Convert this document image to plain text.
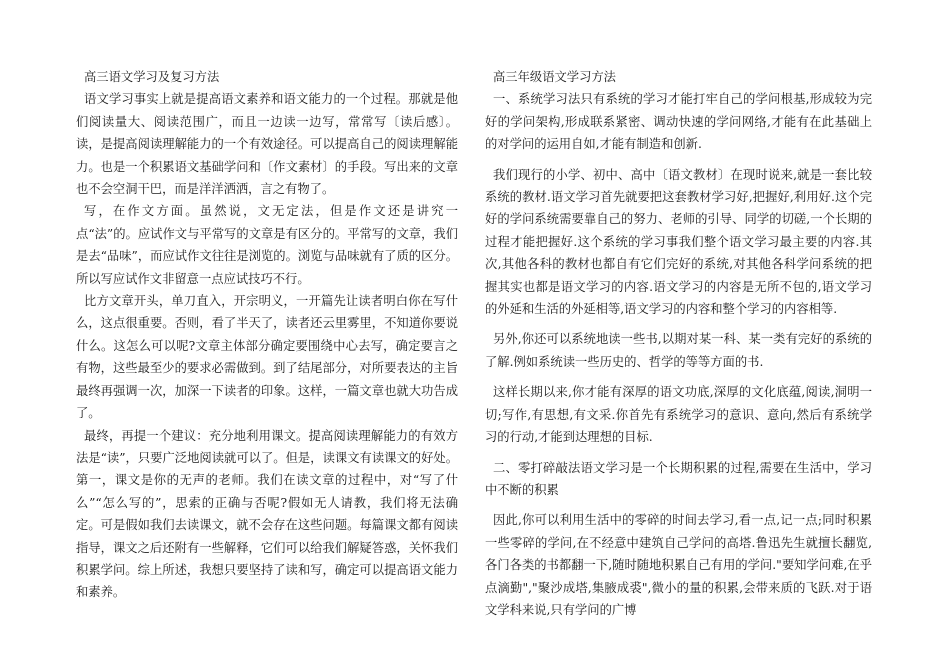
高三语文学习及复习方法

语文学习事实上就是提高语文素养和语文能力的一个过程。那就是他们阅读量大、阅读范围广，而且一边读一边写，常常写〔读后感〕。读，是提高阅读理解能力的一个有效途径。可以提高自己的阅读理解能力。也是一个积累语文基础学问和〔作文素材〕的手段。写出来的文章也不会空洞干巴，而是洋洋洒洒，言之有物了。

写，在作文方面。虽然说，文无定法，但是作文还是讲究一点“法”的。应试作文与平常写的文章是有区分的。平常写的文章，我们是去“品味”，而应试作文往往是浏览的。浏览与品味就有了质的区分。所以写应试作文非留意一点应试技巧不行。

比方文章开头，单刀直入，开宗明义，一开篇先让读者明白你在写什么，这点很重要。否则，看了半天了，读者还云里雾里，不知道你要说什么。这怎么可以呢?文章主体部分确定要围绕中心去写，确定要言之有物，这些最至少的要求必需做到。到了结尾部分，对所要表达的主旨最终再强调一次，加深一下读者的印象。这样，一篇文章也就大功告成了。

最终，再提一个建议：充分地利用课文。提高阅读理解能力的有效方法是“读”，只要广泛地阅读就可以了。但是，读课文有读课文的好处。第一，课文是你的无声的老师。我们在读文章的过程中，对“写了什么”“怎么写的”，思索的正确与否呢?假如无人请教，我们将无法确定。可是假如我们去读课文，就不会存在这些问题。每篇课文都有阅读指导，课文之后还附有一些解释，它们可以给我们解疑答惑，关怀我们积累学问。综上所述，我想只要坚持了读和写，确定可以提高语文能力和素养。

高三年级语文学习方法

一、系统学习法只有系统的学习才能打牢自己的学问根基,形成较为完好的学问架构,形成联系紧密、调动快速的学问网络,才能有在此基础上的对学问的运用自如,才能有制造和创新.

我们现行的小学、初中、高中〔语文教材〕在现时说来,就是一套比较系统的教材.语文学习首先就要把这套教材学习好,把握好,利用好.这个完好的学问系统需要靠自己的努力、老师的引导、同学的切磋,一个长期的过程才能把握好.这个系统的学习事我们整个语文学习最主要的内容.其次,其他各科的教材也都自有它们完好的系统,对其他各科学问系统的把握其实也都是语文学习的内容.语文学习的内容是无所不包的,语文学习的外延和生活的外延相等,语文学习的内容和整个学习的内容相等.

另外,你还可以系统地读一些书,以期对某一科、某一类有完好的系统的了解.例如系统读一些历史的、哲学的等等方面的书.

这样长期以来,你才能有深厚的语文功底,深厚的文化底蕴,阅读,洞明一切;写作,有思想,有文采.你首先有系统学习的意识、意向,然后有系统学习的行动,才能到达理想的目标.

二、零打碎敲法语文学习是一个长期积累的过程,需要在生活中，学习中不断的积累

因此,你可以利用生活中的零碎的时间去学习,看一点,记一点;同时积累一些零碎的学问,在不经意中建筑自己学问的高塔.鲁迅先生就擅长翻览,各门各类的书都翻一下,随时随地积累自己有用的学问."要知学问难,在乎点滴勤","聚沙成塔,集腋成裘",微小的量的积累,会带来质的飞跃.对于语文学科来说,只有学问的广博
